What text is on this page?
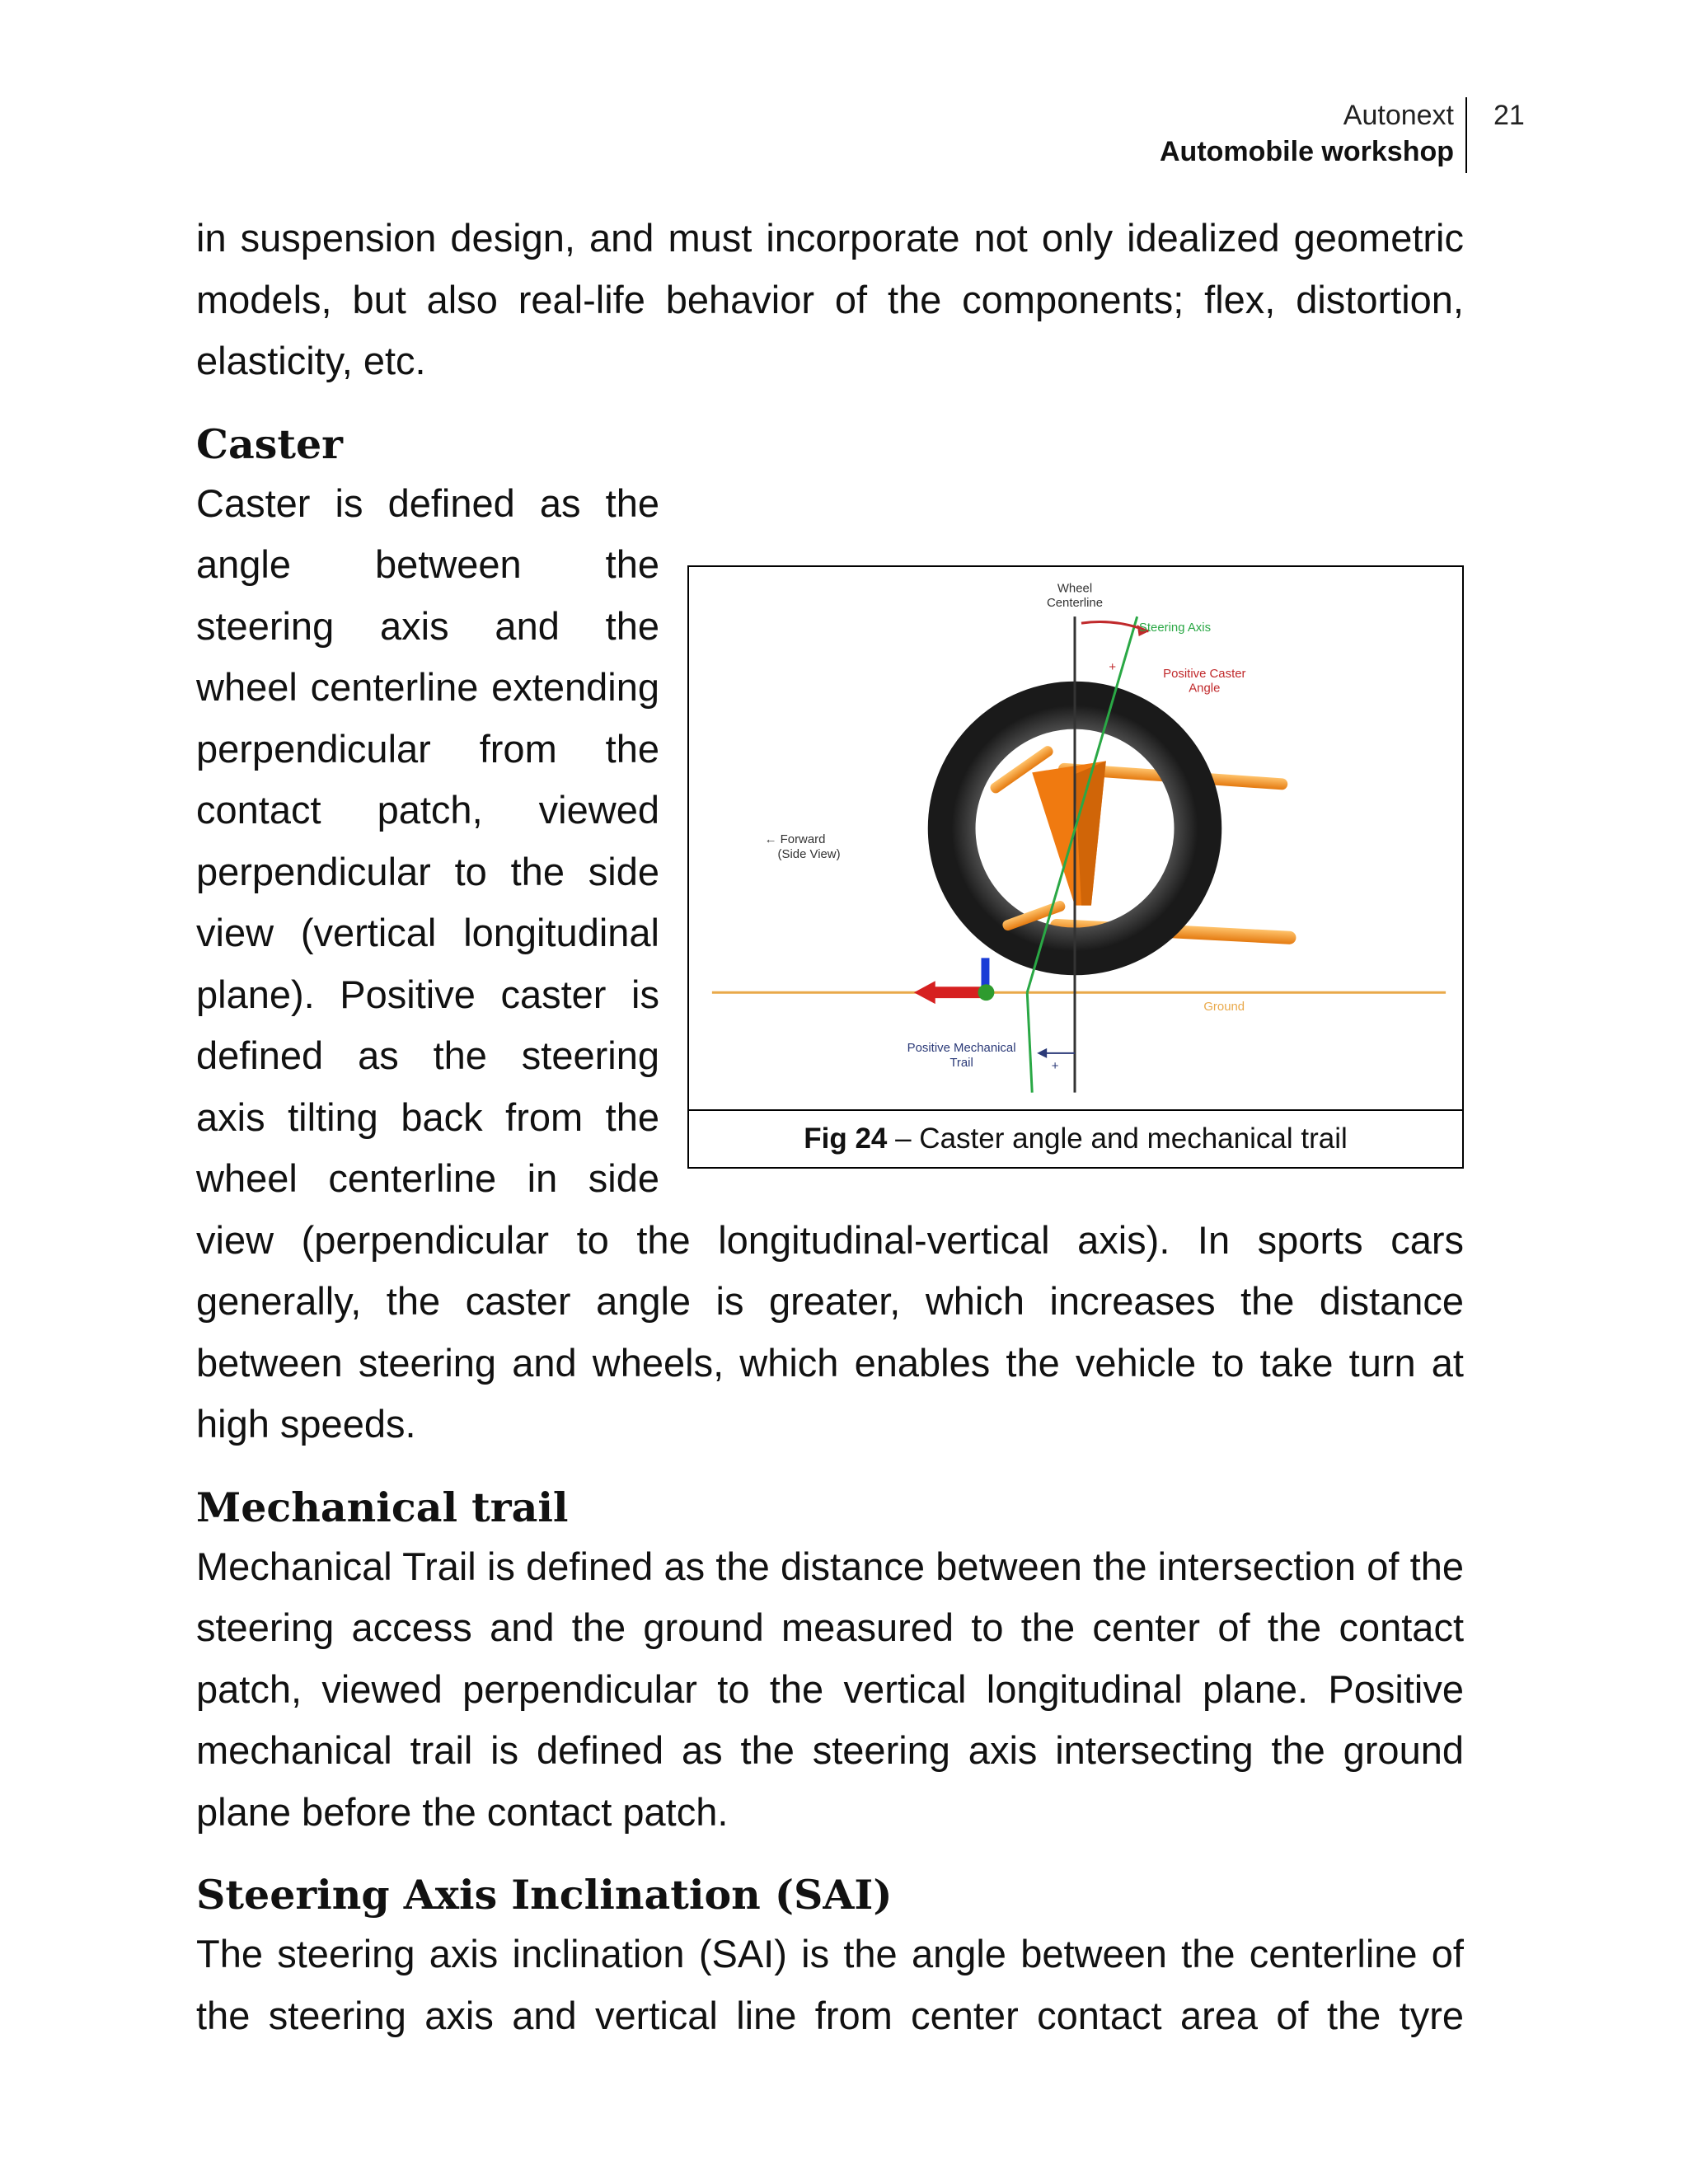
Autonext
Automobile workshop
21

in suspension design, and must incorporate not only idealized geometric models, but also real-life behavior of the components; flex, distortion, elasticity, etc.

Caster
Wheel
Centerline
Steering Axis
+	Positive Caster
Angle
← Forward
(Side View)
Ground
Positive Mechanical
Trail	+
Fig 24 – Caster angle and mechanical trail

Caster is defined as the angle between the steering axis and the wheel centerline extending perpendicular from the contact patch, viewed perpendicular to the side view (vertical longitudinal plane). Positive caster is defined as the steering axis tilting back from the wheel centerline in side view (perpendicular to the longitudinal-vertical axis). In sports cars generally, the caster angle is greater, which increases the distance between steering and wheels, which enables the vehicle to take turn at high speeds.

Mechanical trail

Mechanical Trail is defined as the distance between the intersection of the steering access and the ground measured to the center of the contact patch, viewed perpendicular to the vertical longitudinal plane. Positive mechanical trail is defined as the steering axis intersecting the ground plane before the contact patch.

Steering Axis Inclination (SAI)

The steering axis inclination (SAI) is the angle between the centerline of the steering axis and vertical line from center contact area of the tyre
